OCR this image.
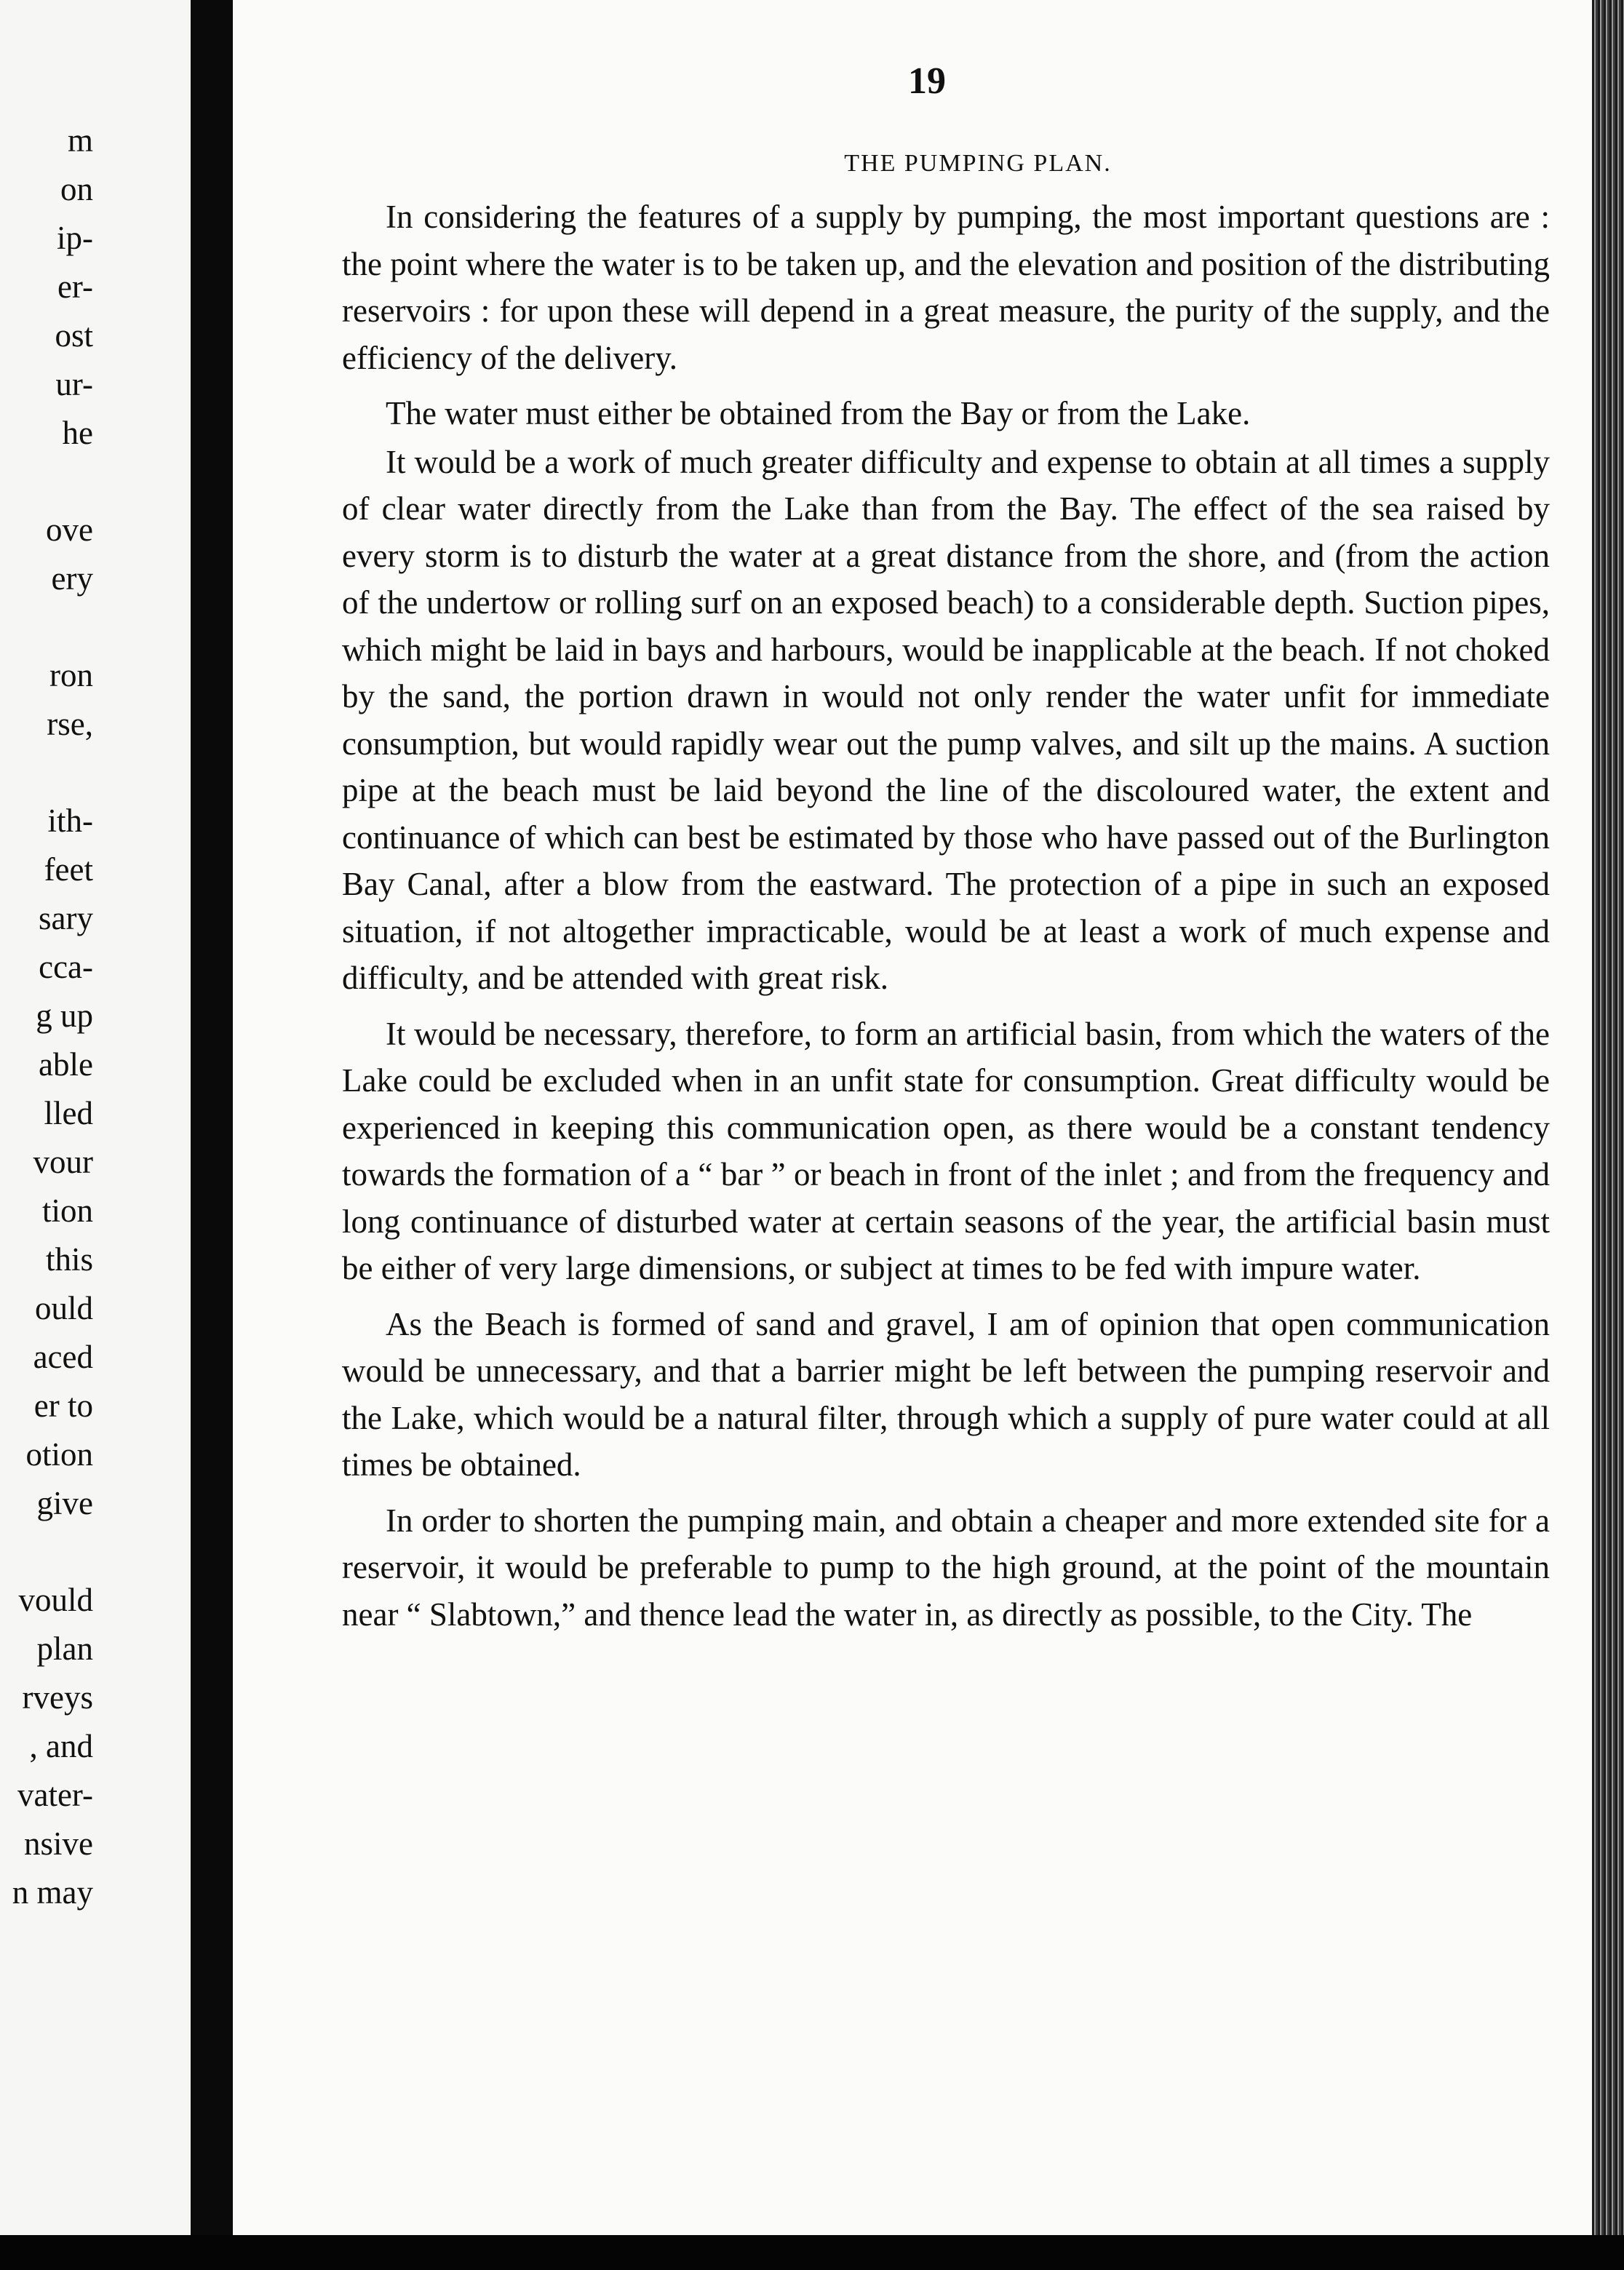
m
on
ip-
er-
ost
ur-
he
ove
ery
ron
rse,
ith-
feet
sary
cca-
g up
able
lled
vour
tion
this
ould
aced
er to
otion
give
vould
plan
rveys
, and
vater-
nsive
n may
19
THE PUMPING PLAN.

In considering the features of a supply by pumping, the most important questions are : the point where the water is to be taken up, and the elevation and position of the distributing reservoirs : for upon these will depend in a great measure, the purity of the supply, and the efficiency of the delivery.

The water must either be obtained from the Bay or from the Lake.

It would be a work of much greater difficulty and expense to obtain at all times a supply of clear water directly from the Lake than from the Bay. The effect of the sea raised by every storm is to disturb the water at a great distance from the shore, and (from the action of the undertow or rolling surf on an exposed beach) to a considerable depth. Suction pipes, which might be laid in bays and harbours, would be inapplicable at the beach. If not choked by the sand, the portion drawn in would not only render the water unfit for immediate consumption, but would rapidly wear out the pump valves, and silt up the mains. A suction pipe at the beach must be laid beyond the line of the discoloured water, the extent and continuance of which can best be estimated by those who have passed out of the Burlington Bay Canal, after a blow from the eastward. The protection of a pipe in such an exposed situation, if not altogether impracticable, would be at least a work of much expense and difficulty, and be attended with great risk.

It would be necessary, therefore, to form an artificial basin, from which the waters of the Lake could be excluded when in an unfit state for consumption. Great difficulty would be experienced in keeping this communication open, as there would be a constant tendency towards the formation of a “ bar ” or beach in front of the inlet ; and from the frequency and long continuance of disturbed water at certain seasons of the year, the artificial basin must be either of very large dimensions, or subject at times to be fed with impure water.

As the Beach is formed of sand and gravel, I am of opinion that open communication would be unnecessary, and that a barrier might be left between the pumping reservoir and the Lake, which would be a natural filter, through which a supply of pure water could at all times be obtained.

In order to shorten the pumping main, and obtain a cheaper and more extended site for a reservoir, it would be preferable to pump to the high ground, at the point of the mountain near “ Slabtown,” and thence lead the water in, as directly as possible, to the City. The
